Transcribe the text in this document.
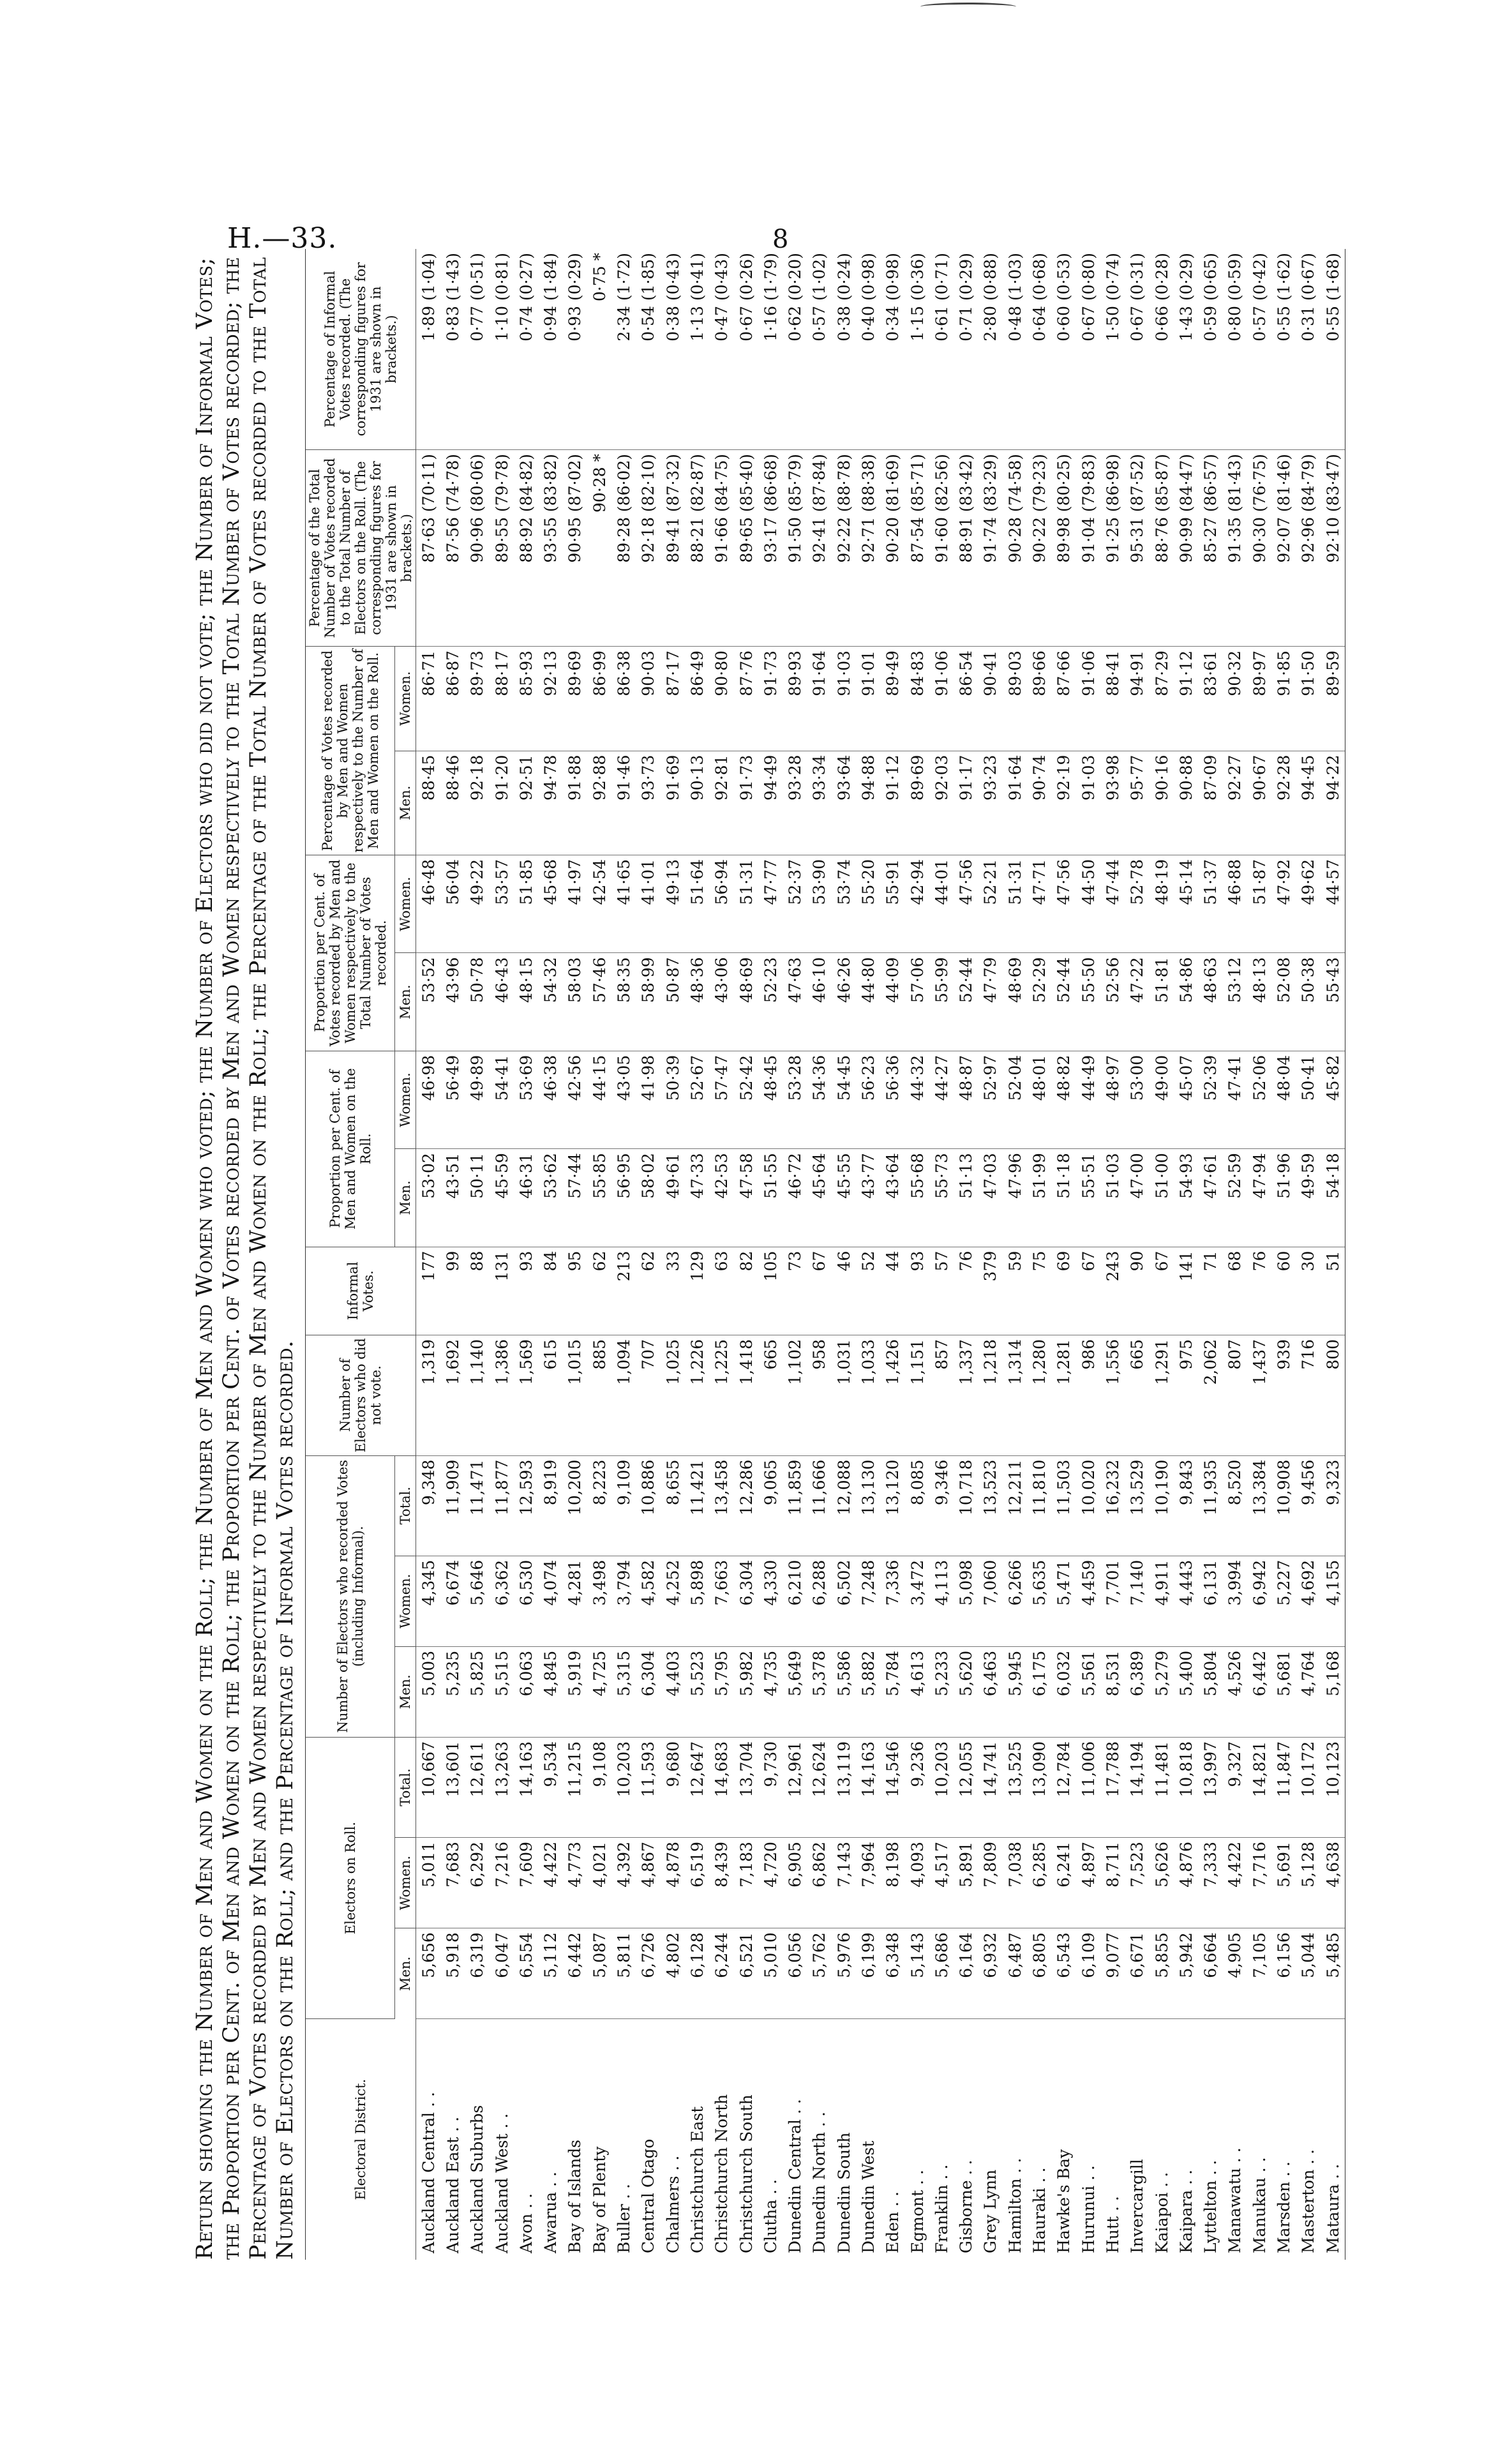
H.—33.	8

Return showing the Number of Men and Women on the Roll; the Number of Men and Women who voted; the Number of Electors who did not vote; the Number of Informal Votes; the Proportion per Cent. of Men and Women on the Roll; the Proportion per Cent. of Votes recorded by Men and Women respectively to the Total Number of Votes recorded; the Percentage of Votes recorded by Men and Women respectively to the Number of Men and Women on the Roll; the Percentage of the Total Number of Votes recorded to the Total Number of Electors on the Roll; and the Percentage of Informal Votes recorded.	Electoral District.	Electors on Roll.			Number of Electors who recorded Votes (including Informal).			Number of Electors who did not vote.	Informal Votes.	Proportion per Cent. of Men and Women on the Roll.		Proportion per Cent. of Votes recorded by Men and Women respectively to the Total Number of Votes recorded.		Percentage of Votes recorded by Men and Women respectively to the Number of Men and Women on the Roll.		Percentage of the Total Number of Votes recorded to the Total Number of Electors on the Roll. (The corresponding figures for 1931 are shown in brackets.)	Percentage of Informal Votes recorded. (The corresponding figures for 1931 are shown in brackets.)
	Men.	Women.	Total.	Men.	Women.	Total.			Men.	Women.	Men.	Women.	Men.	Women.		
Auckland Central . .	5,656	5,011	10,667	5,003	4,345	9,348	1,319	177	53·02	46·98	53·52	46·48	88·45	86·71	87·63 (70·11)	1·89 (1·04)
Auckland East . .	5,918	7,683	13,601	5,235	6,674	11,909	1,692	99	43·51	56·49	43·96	56·04	88·46	86·87	87·56 (74·78)	0·83 (1·43)
Auckland Suburbs	6,319	6,292	12,611	5,825	5,646	11,471	1,140	88	50·11	49·89	50·78	49·22	92·18	89·73	90·96 (80·06)	0·77 (0·51)
Auckland West . .	6,047	7,216	13,263	5,515	6,362	11,877	1,386	131	45·59	54·41	46·43	53·57	91·20	88·17	89·55 (79·78)	1·10 (0·81)
Avon . .	6,554	7,609	14,163	6,063	6,530	12,593	1,569	93	46·31	53·69	48·15	51·85	92·51	85·93	88·92 (84·82)	0·74 (0·27)
Awarua . .	5,112	4,422	9,534	4,845	4,074	8,919	615	84	53·62	46·38	54·32	45·68	94·78	92·13	93·55 (83·82)	0·94 (1·84)
Bay of Islands	6,442	4,773	11,215	5,919	4,281	10,200	1,015	95	57·44	42·56	58·03	41·97	91·88	89·69	90·95 (87·02)	0·93 (0·29)
Bay of Plenty	5,087	4,021	9,108	4,725	3,498	8,223	885	62	55·85	44·15	57·46	42·54	92·88	86·99	90·28 *	0·75 *
Buller . .	5,811	4,392	10,203	5,315	3,794	9,109	1,094	213	56·95	43·05	58·35	41·65	91·46	86·38	89·28 (86·02)	2·34 (1·72)
Central Otago	6,726	4,867	11,593	6,304	4,582	10,886	707	62	58·02	41·98	58·99	41·01	93·73	90·03	92·18 (82·10)	0·54 (1·85)
Chalmers . .	4,802	4,878	9,680	4,403	4,252	8,655	1,025	33	49·61	50·39	50·87	49·13	91·69	87·17	89·41 (87·32)	0·38 (0·43)
Christchurch East	6,128	6,519	12,647	5,523	5,898	11,421	1,226	129	47·33	52·67	48·36	51·64	90·13	86·49	88·21 (82·87)	1·13 (0·41)
Christchurch North	6,244	8,439	14,683	5,795	7,663	13,458	1,225	63	42·53	57·47	43·06	56·94	92·81	90·80	91·66 (84·75)	0·47 (0·43)
Christchurch South	6,521	7,183	13,704	5,982	6,304	12,286	1,418	82	47·58	52·42	48·69	51·31	91·73	87·76	89·65 (85·40)	0·67 (0·26)
Clutha . .	5,010	4,720	9,730	4,735	4,330	9,065	665	105	51·55	48·45	52·23	47·77	94·49	91·73	93·17 (86·68)	1·16 (1·79)
Dunedin Central . .	6,056	6,905	12,961	5,649	6,210	11,859	1,102	73	46·72	53·28	47·63	52·37	93·28	89·93	91·50 (85·79)	0·62 (0·20)
Dunedin North . .	5,762	6,862	12,624	5,378	6,288	11,666	958	67	45·64	54·36	46·10	53·90	93·34	91·64	92·41 (87·84)	0·57 (1·02)
Dunedin South	5,976	7,143	13,119	5,586	6,502	12,088	1,031	46	45·55	54·45	46·26	53·74	93·64	91·03	92·22 (88·78)	0·38 (0·24)
Dunedin West	6,199	7,964	14,163	5,882	7,248	13,130	1,033	52	43·77	56·23	44·80	55·20	94·88	91·01	92·71 (88·38)	0·40 (0·98)
Eden . .	6,348	8,198	14,546	5,784	7,336	13,120	1,426	44	43·64	56·36	44·09	55·91	91·12	89·49	90·20 (81·69)	0·34 (0·98)
Egmont . .	5,143	4,093	9,236	4,613	3,472	8,085	1,151	93	55·68	44·32	57·06	42·94	89·69	84·83	87·54 (85·71)	1·15 (0·36)
Franklin . .	5,686	4,517	10,203	5,233	4,113	9,346	857	57	55·73	44·27	55·99	44·01	92·03	91·06	91·60 (82·56)	0·61 (0·71)
Gisborne . .	6,164	5,891	12,055	5,620	5,098	10,718	1,337	76	51·13	48·87	52·44	47·56	91·17	86·54	88·91 (83·42)	0·71 (0·29)
Grey Lynn	6,932	7,809	14,741	6,463	7,060	13,523	1,218	379	47·03	52·97	47·79	52·21	93·23	90·41	91·74 (83·29)	2·80 (0·88)
Hamilton . .	6,487	7,038	13,525	5,945	6,266	12,211	1,314	59	47·96	52·04	48·69	51·31	91·64	89·03	90·28 (74·58)	0·48 (1·03)
Hauraki . .	6,805	6,285	13,090	6,175	5,635	11,810	1,280	75	51·99	48·01	52·29	47·71	90·74	89·66	90·22 (79·23)	0·64 (0·68)
Hawke's Bay	6,543	6,241	12,784	6,032	5,471	11,503	1,281	69	51·18	48·82	52·44	47·56	92·19	87·66	89·98 (80·25)	0·60 (0·53)
Hurunui . .	6,109	4,897	11,006	5,561	4,459	10,020	986	67	55·51	44·49	55·50	44·50	91·03	91·06	91·04 (79·83)	0·67 (0·80)
Hutt . .	9,077	8,711	17,788	8,531	7,701	16,232	1,556	243	51·03	48·97	52·56	47·44	93·98	88·41	91·25 (86·98)	1·50 (0·74)
Invercargill	6,671	7,523	14,194	6,389	7,140	13,529	665	90	47·00	53·00	47·22	52·78	95·77	94·91	95·31 (87·52)	0·67 (0·31)
Kaiapoi . .	5,855	5,626	11,481	5,279	4,911	10,190	1,291	67	51·00	49·00	51·81	48·19	90·16	87·29	88·76 (85·87)	0·66 (0·28)
Kaipara . .	5,942	4,876	10,818	5,400	4,443	9,843	975	141	54·93	45·07	54·86	45·14	90·88	91·12	90·99 (84·47)	1·43 (0·29)
Lyttelton . .	6,664	7,333	13,997	5,804	6,131	11,935	2,062	71	47·61	52·39	48·63	51·37	87·09	83·61	85·27 (86·57)	0·59 (0·65)
Manawatu . .	4,905	4,422	9,327	4,526	3,994	8,520	807	68	52·59	47·41	53·12	46·88	92·27	90·32	91·35 (81·43)	0·80 (0·59)
Manukau . .	7,105	7,716	14,821	6,442	6,942	13,384	1,437	76	47·94	52·06	48·13	51·87	90·67	89·97	90·30 (76·75)	0·57 (0·42)
Marsden . .	6,156	5,691	11,847	5,681	5,227	10,908	939	60	51·96	48·04	52·08	47·92	92·28	91·85	92·07 (81·46)	0·55 (1·62)
Masterton . .	5,044	5,128	10,172	4,764	4,692	9,456	716	30	49·59	50·41	50·38	49·62	94·45	91·50	92·96 (84·79)	0·31 (0·67)
Mataura . .	5,485	4,638	10,123	5,168	4,155	9,323	800	51	54·18	45·82	55·43	44·57	94·22	89·59	92·10 (83·47)	0·55 (1·68)
